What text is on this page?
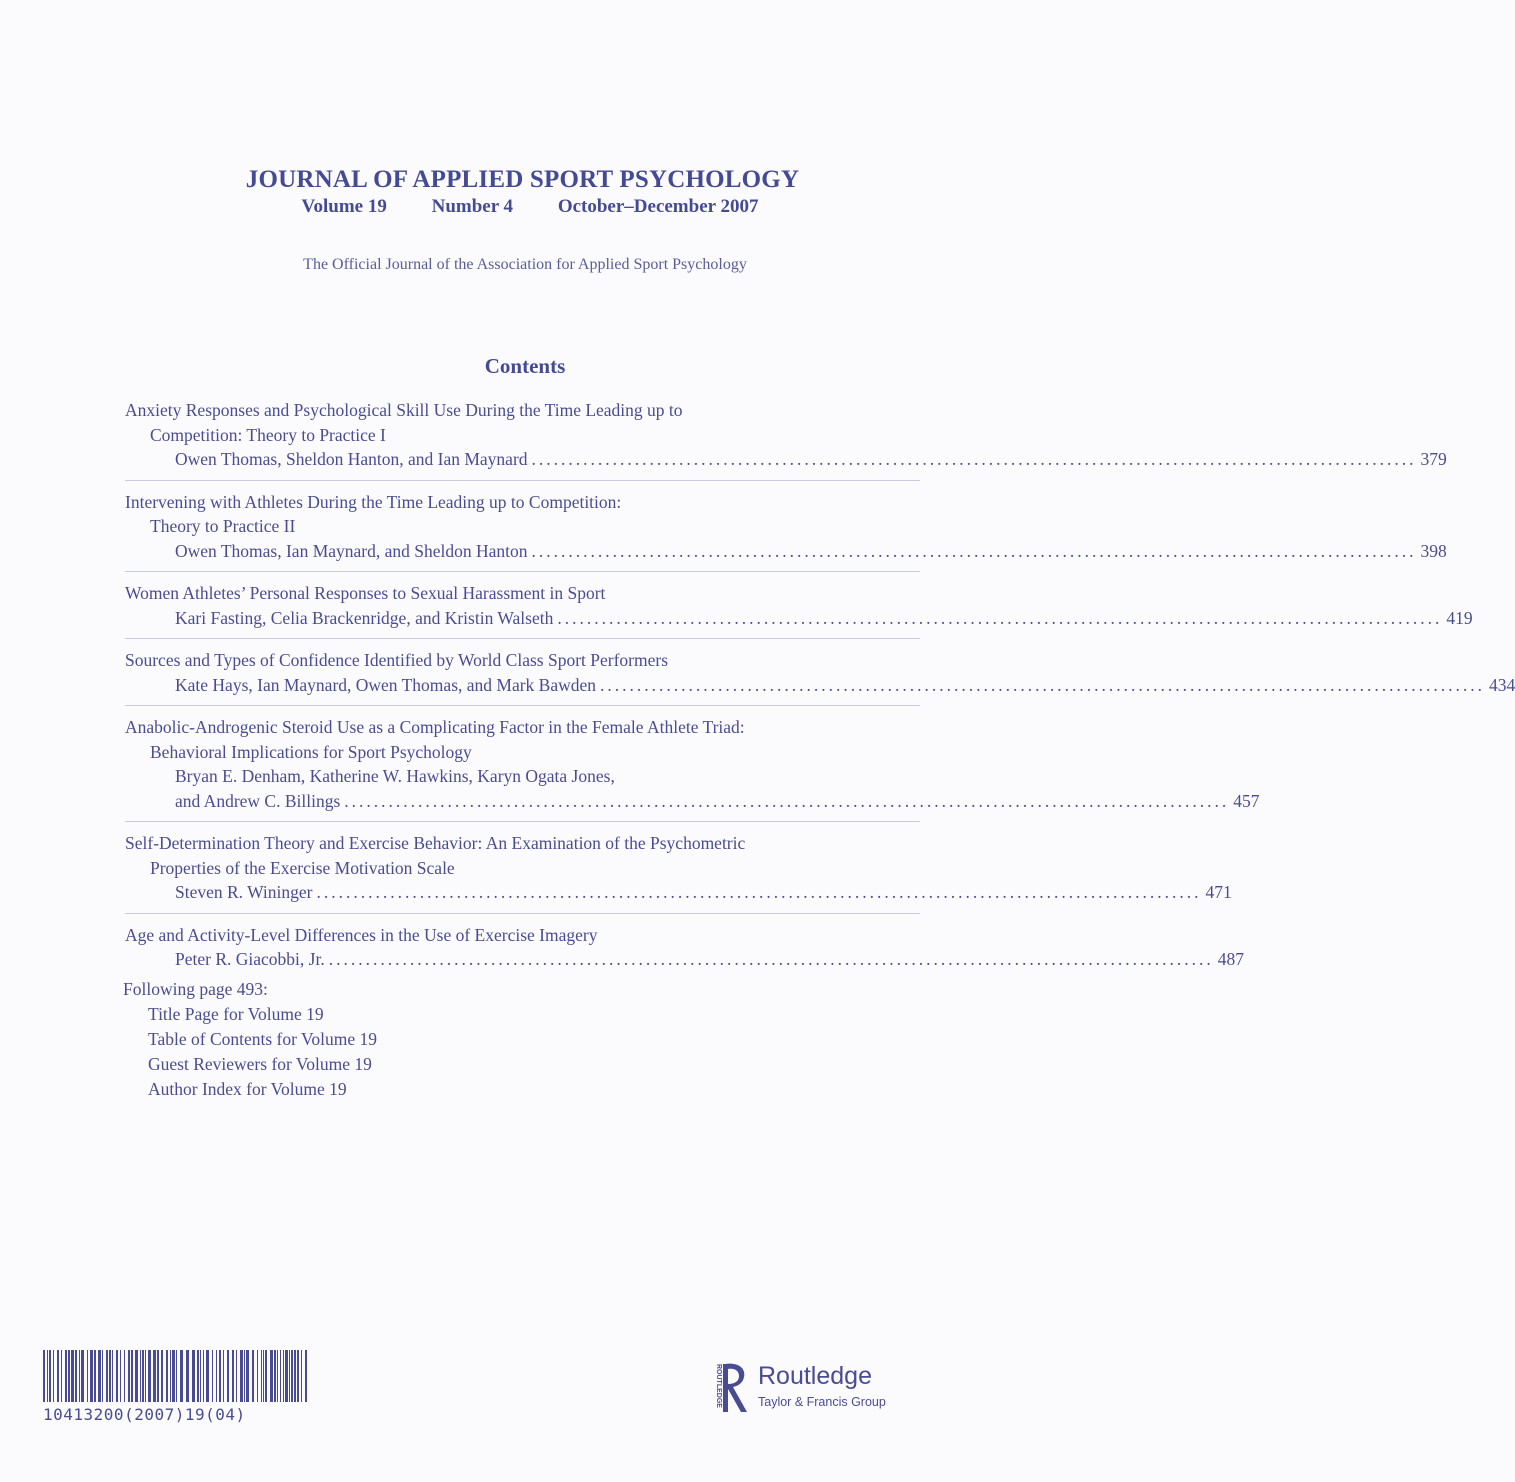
JOURNAL OF APPLIED SPORT PSYCHOLOGY
Volume 19 Number 4 October–December 2007
The Official Journal of the Association for Applied Sport Psychology
Contents
Anxiety Responses and Psychological Skill Use During the Time Leading up to
Competition: Theory to Practice I
Owen Thomas, Sheldon Hanton, and Ian Maynard ........................................................................................................................ 379
Intervening with Athletes During the Time Leading up to Competition:
Theory to Practice II
Owen Thomas, Ian Maynard, and Sheldon Hanton ........................................................................................................................ 398
Women Athletes’ Personal Responses to Sexual Harassment in Sport
Kari Fasting, Celia Brackenridge, and Kristin Walseth ........................................................................................................................ 419
Sources and Types of Confidence Identified by World Class Sport Performers
Kate Hays, Ian Maynard, Owen Thomas, and Mark Bawden ........................................................................................................................ 434
Anabolic-Androgenic Steroid Use as a Complicating Factor in the Female Athlete Triad:
Behavioral Implications for Sport Psychology
Bryan E. Denham, Katherine W. Hawkins, Karyn Ogata Jones,
and Andrew C. Billings ........................................................................................................................ 457
Self-Determination Theory and Exercise Behavior: An Examination of the Psychometric
Properties of the Exercise Motivation Scale
Steven R. Wininger ........................................................................................................................ 471
Age and Activity-Level Differences in the Use of Exercise Imagery
Peter R. Giacobbi, Jr. ........................................................................................................................ 487
Following page 493:
Title Page for Volume 19
Table of Contents for Volume 19
Guest Reviewers for Volume 19
Author Index for Volume 19
10413200(2007)19(04)
ROUTLEDGE Routledge
Taylor & Francis Group
